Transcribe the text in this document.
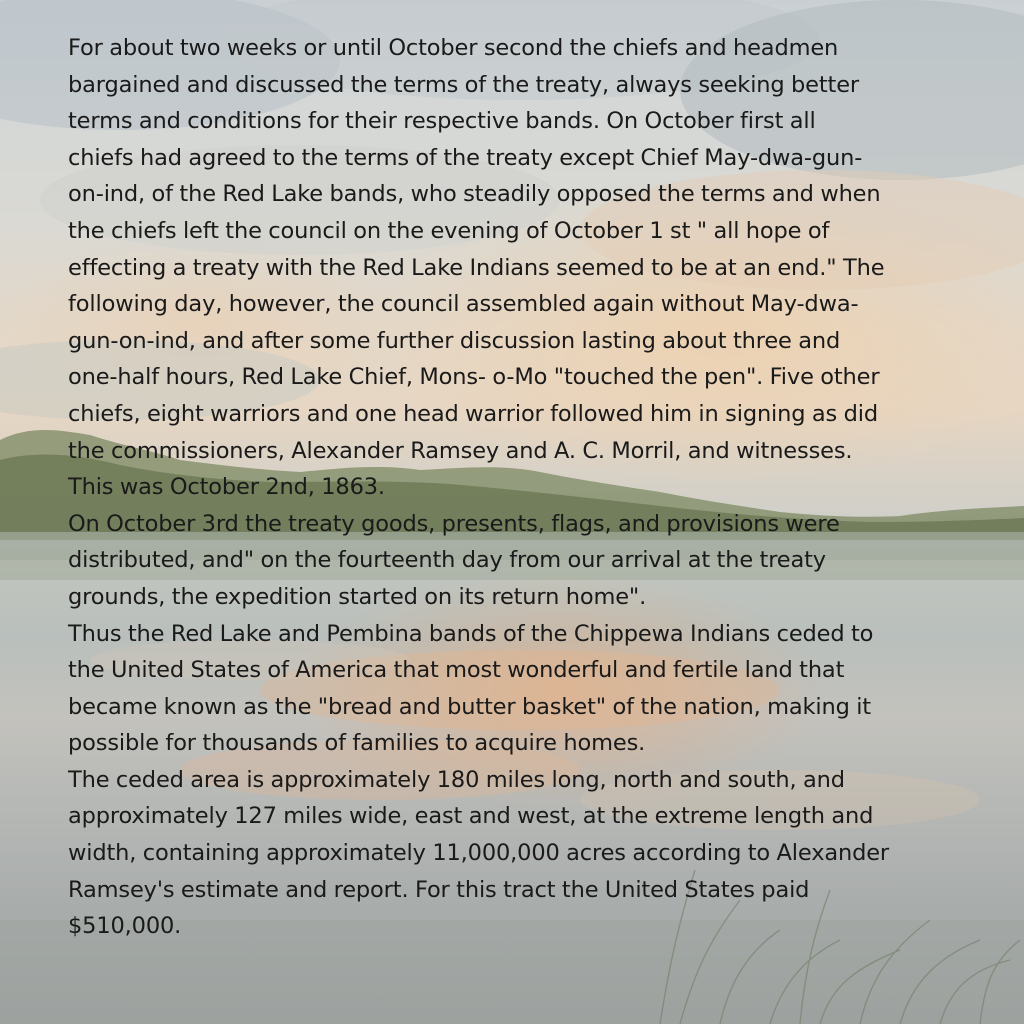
For about two weeks or until October second the chiefs and headmen
bargained and discussed the terms of the treaty, always seeking better
terms and conditions for their respective bands. On October first all
chiefs had agreed to the terms of the treaty except Chief May-dwa-gun-
on-ind, of the Red Lake bands, who steadily opposed the terms and when
the chiefs left the council on the evening of October 1 st " all hope of
effecting a treaty with the Red Lake Indians seemed to be at an end." The
following day, however, the council assembled again without May-dwa-
gun-on-ind, and after some further discussion lasting about three and
one-half hours, Red Lake Chief, Mons- o-Mo "touched the pen". Five other
chiefs, eight warriors and one head warrior followed him in signing as did
the commissioners, Alexander Ramsey and A. C. Morril, and witnesses.
This was October 2nd, 1863.

On October 3rd the treaty goods, presents, flags, and provisions were
distributed, and" on the fourteenth day from our arrival at the treaty
grounds, the expedition started on its return home".

Thus the Red Lake and Pembina bands of the Chippewa Indians ceded to
the United States of America that most wonderful and fertile land that
became known as the "bread and butter basket" of the nation, making it
possible for thousands of families to acquire homes.

The ceded area is approximately 180 miles long, north and south, and
approximately 127 miles wide, east and west, at the extreme length and
width, containing approximately 11,000,000 acres according to Alexander
Ramsey's estimate and report. For this tract the United States paid
$510,000.
